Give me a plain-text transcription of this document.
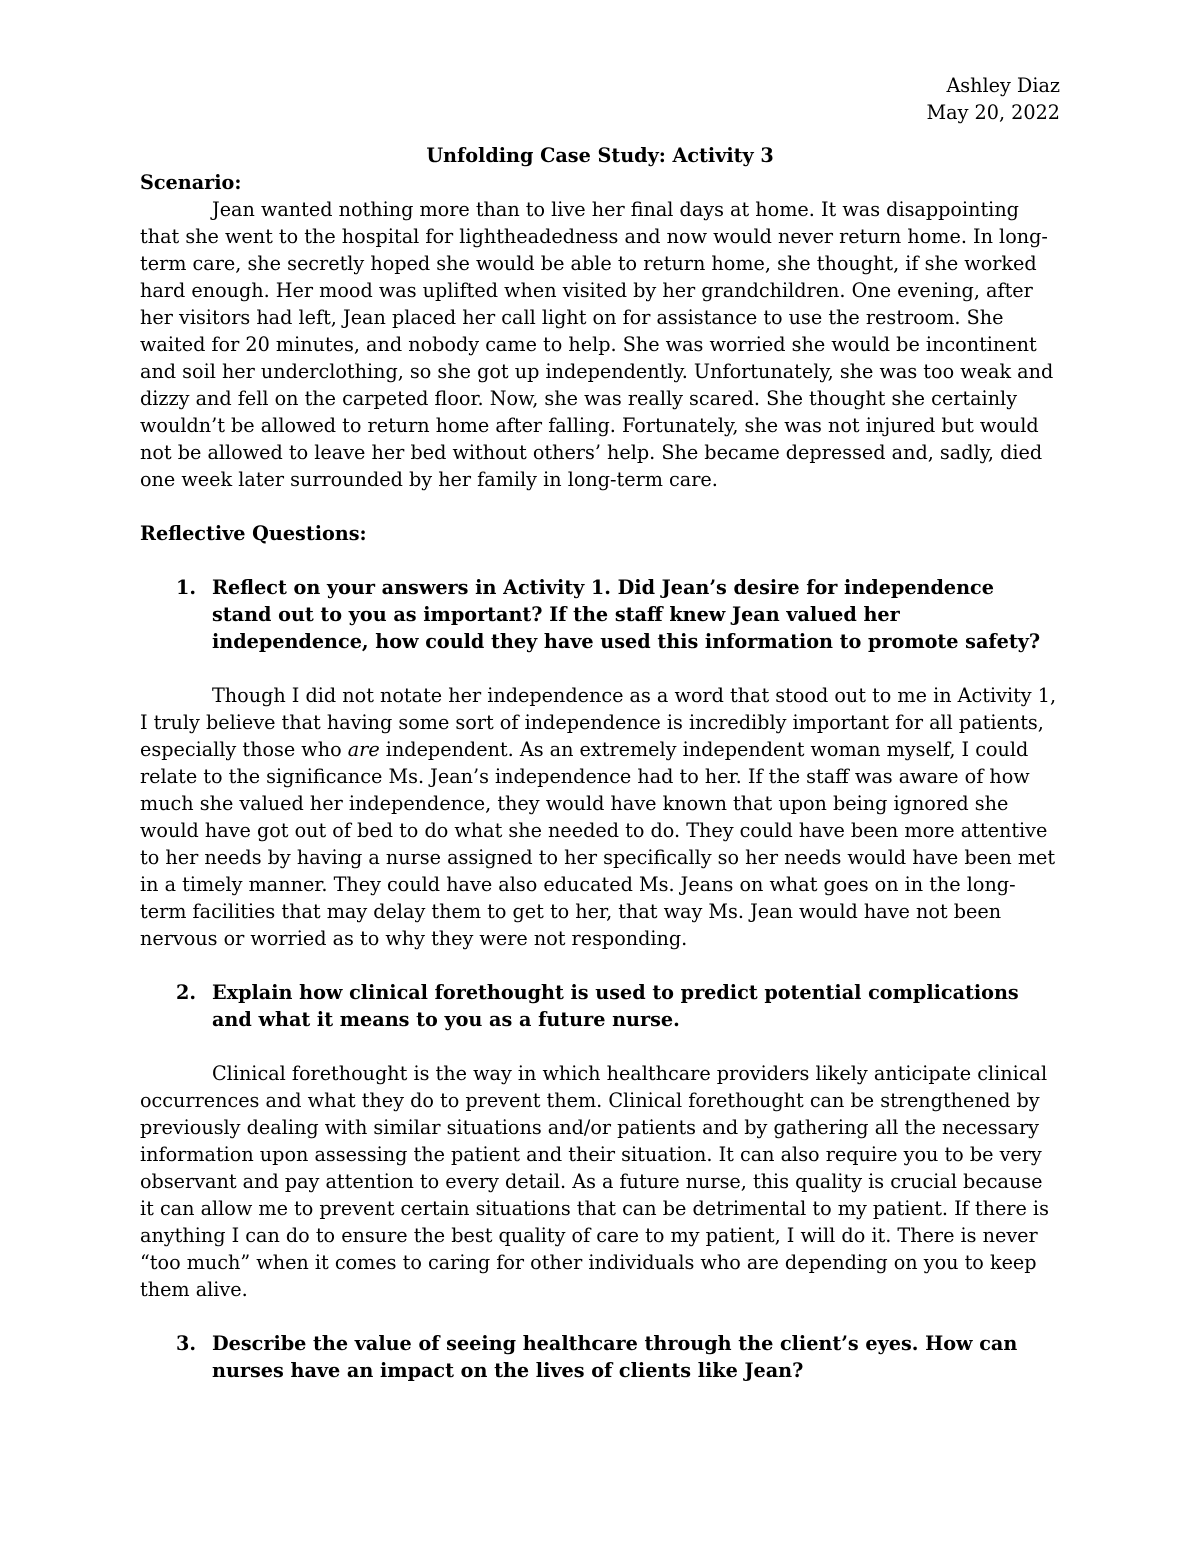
Ashley Diaz

May 20, 2022

Unfolding Case Study: Activity 3

Scenario:

Jean wanted nothing more than to live her final days at home. It was disappointing that she went to the hospital for lightheadedness and now would never return home. In long-term care, she secretly hoped she would be able to return home, she thought, if she worked hard enough. Her mood was uplifted when visited by her grandchildren. One evening, after her visitors had left, Jean placed her call light on for assistance to use the restroom. She waited for 20 minutes, and nobody came to help. She was worried she would be incontinent and soil her underclothing, so she got up independently. Unfortunately, she was too weak and dizzy and fell on the carpeted floor. Now, she was really scared. She thought she certainly wouldn’t be allowed to return home after falling. Fortunately, she was not injured but would not be allowed to leave her bed without others’ help. She became depressed and, sadly, died one week later surrounded by her family in long-term care.

Reflective Questions:

1. Reflect on your answers in Activity 1. Did Jean’s desire for independence stand out to you as important? If the staff knew Jean valued her independence, how could they have used this information to promote safety?

Though I did not notate her independence as a word that stood out to me in Activity 1, I truly believe that having some sort of independence is incredibly important for all patients, especially those who are independent. As an extremely independent woman myself, I could relate to the significance Ms. Jean’s independence had to her. If the staff was aware of how much she valued her independence, they would have known that upon being ignored she would have got out of bed to do what she needed to do. They could have been more attentive to her needs by having a nurse assigned to her specifically so her needs would have been met in a timely manner. They could have also educated Ms. Jeans on what goes on in the long-term facilities that may delay them to get to her, that way Ms. Jean would have not been nervous or worried as to why they were not responding.

2. Explain how clinical forethought is used to predict potential complications and what it means to you as a future nurse.

Clinical forethought is the way in which healthcare providers likely anticipate clinical occurrences and what they do to prevent them. Clinical forethought can be strengthened by previously dealing with similar situations and/or patients and by gathering all the necessary information upon assessing the patient and their situation. It can also require you to be very observant and pay attention to every detail. As a future nurse, this quality is crucial because it can allow me to prevent certain situations that can be detrimental to my patient. If there is anything I can do to ensure the best quality of care to my patient, I will do it. There is never “too much” when it comes to caring for other individuals who are depending on you to keep them alive.

3. Describe the value of seeing healthcare through the client’s eyes. How can nurses have an impact on the lives of clients like Jean?
